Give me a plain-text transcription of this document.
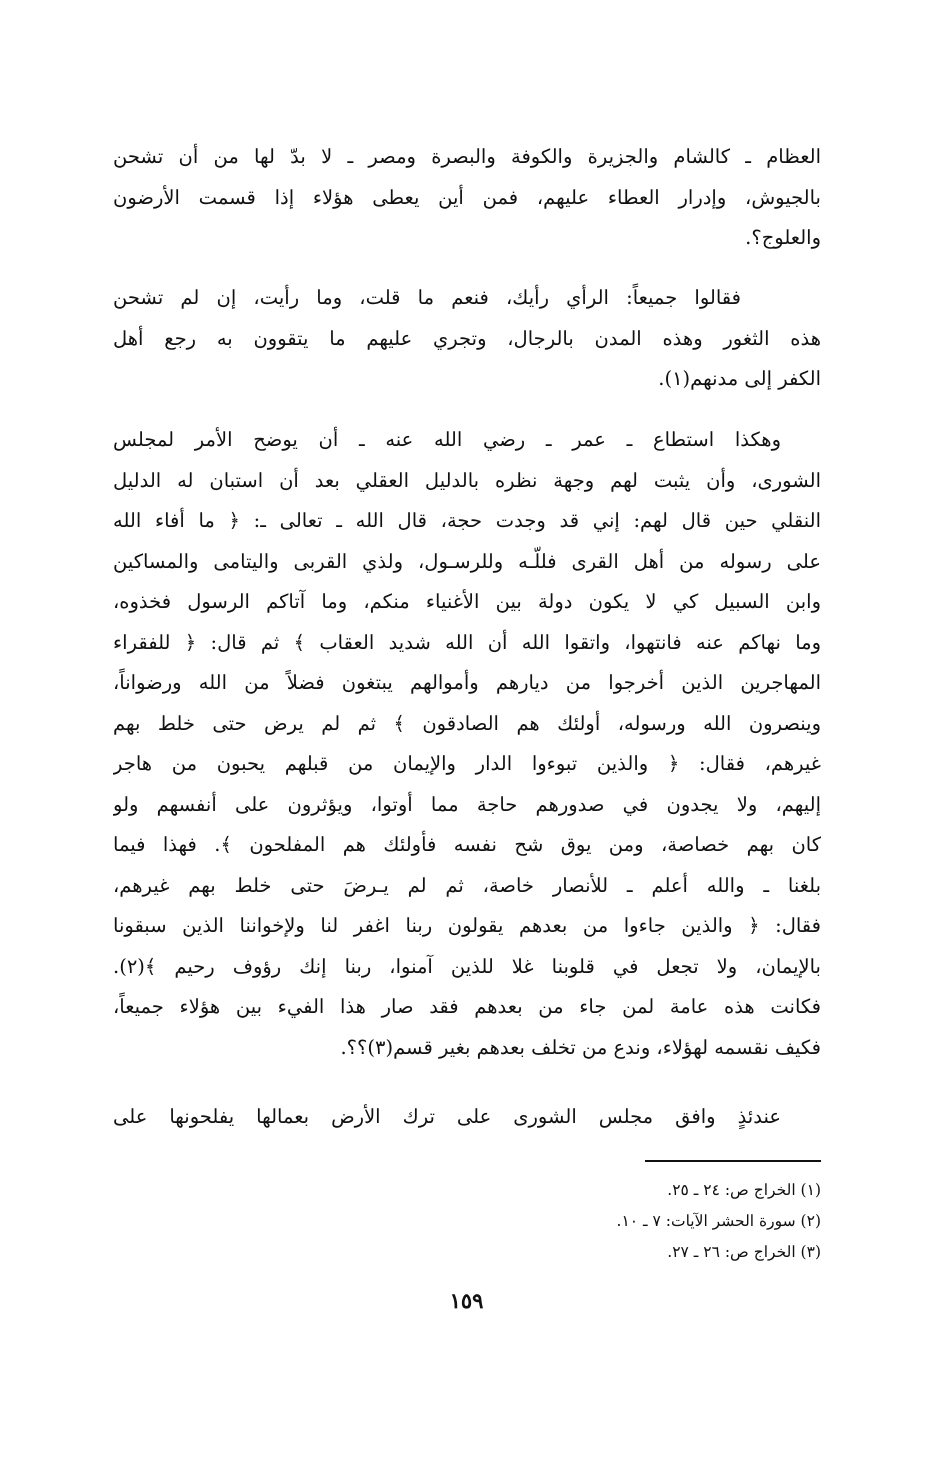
العظام ـ كالشام والجزيرة والكوفة والبصرة ومصر ـ لا بدّ لها من أن تشحن
بالجيوش، وإدرار العطاء عليهم، فمن أين يعطى هؤلاء إذا قسمت الأرضون
والعلوج؟.
فقالوا جميعاً: الرأي رأيك، فنعم ما قلت، وما رأيت، إن لم تشحن
هذه الثغور وهذه المدن بالرجال، وتجري عليهم ما يتقوون به رجع أهل
الكفر إلى مدنهم(١).
وهكذا استطاع ـ عمر ـ رضي الله عنه ـ أن يوضح الأمر لمجلس
الشورى، وأن يثبت لهم وجهة نظره بالدليل العقلي بعد أن استبان له الدليل
النقلي حين قال لهم: إني قد وجدت حجة، قال الله ـ تعالى ـ: ﴿ ما أفاء الله
على رسوله من أهل القرى فللّـه وللرسـول، ولذي القربى واليتامى والمساكين
وابن السبيل كي لا يكون دولة بين الأغنياء منكم، وما آتاكم الرسول فخذوه،
وما نهاكم عنه فانتهوا، واتقوا الله أن الله شديد العقاب ﴾ ثم قال: ﴿ للفقراء
المهاجرين الذين أخرجوا من ديارهم وأموالهم يبتغون فضلاً من الله ورضواناً،
وينصرون الله ورسوله، أولئك هم الصادقون ﴾ ثم لم يرض حتى خلط بهم
غيرهم، فقال: ﴿ والذين تبوءوا الدار والإيمان من قبلهم يحبون من هاجر
إليهم، ولا يجدون في صدورهم حاجة مما أوتوا، ويؤثرون على أنفسهم ولو
كان بهم خصاصة، ومن يوق شح نفسه فأولئك هم المفلحون ﴾. فهذا فيما
بلغنا ـ والله أعلم ـ للأنصار خاصة، ثم لم يـرضَ حتى خلط بهم غيرهم،
فقال: ﴿ والذين جاءوا من بعدهم يقولون ربنا اغفر لنا ولإخواننا الذين سبقونا
بالإيمان، ولا تجعل في قلوبنا غلا للذين آمنوا، ربنا إنك رؤوف رحيم ﴾(٢).
فكانت هذه عامة لمن جاء من بعدهم فقد صار هذا الفيء بين هؤلاء جميعاً،
فكيف نقسمه لهؤلاء، وندع من تخلف بعدهم بغير قسم(٣)؟؟.
عندئذٍ وافق مجلس الشورى على ترك الأرض بعمالها يفلحونها على
(١) الخراج ص: ٢٤ ـ ٢٥.
(٢) سورة الحشر الآيات: ٧ ـ ١٠.
(٣) الخراج ص: ٢٦ ـ ٢٧.
١٥٩
